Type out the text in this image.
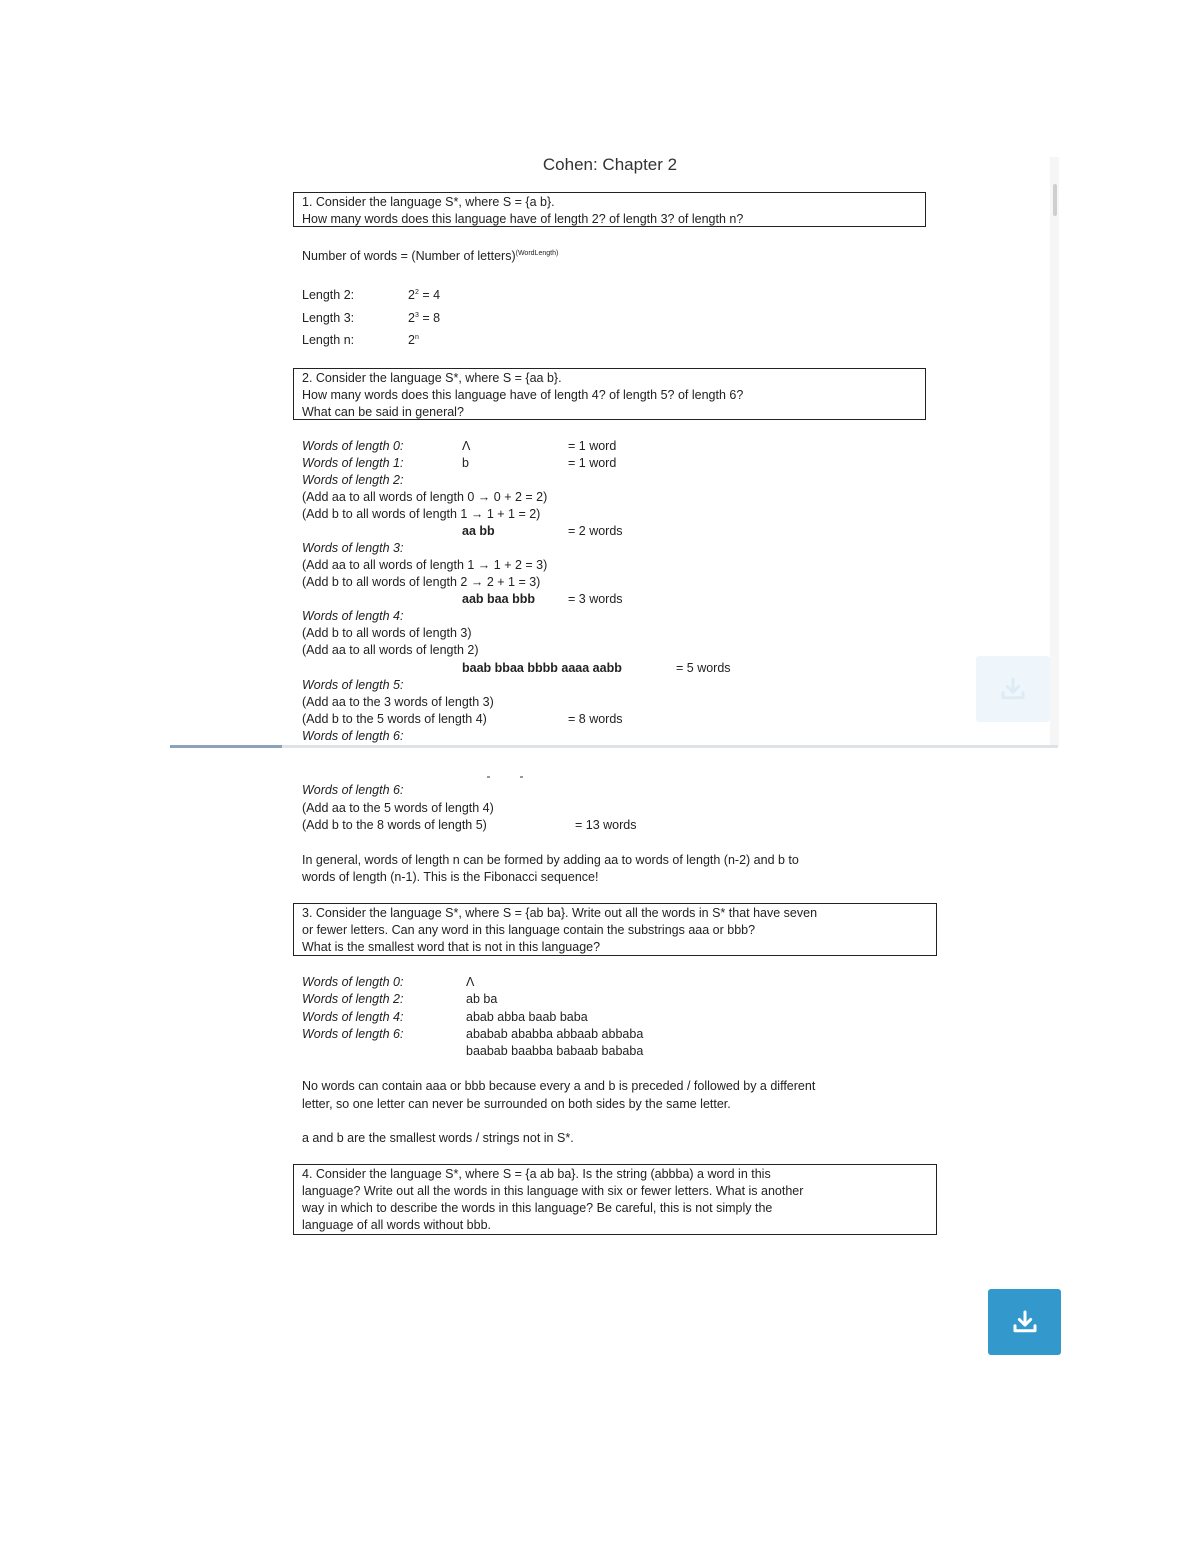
Cohen: Chapter 2
1. Consider the language S*, where S = {a b}.
How many words does this language have of length 2? of length 3? of length n?
Number of words = (Number of letters)$^{(WordLength)}$
Length 2:	$2^2 = 4$
Length 3:	$2^3 = 8$
Length n:	2$^n$
2. Consider the language S*, where S = {aa b}.
How many words does this language have of length 4? of length 5? of length 6?
What can be said in general?
Words of length 0:	Λ	= 1 word
Words of length 1:	b	= 1 word
Words of length 2:
(Add aa to all words of length 0 → 0 + 2 = 2)
(Add b to all words of length 1 → 1 + 1 = 2)
aa bb	= 2 words
Words of length 3:
(Add aa to all words of length 1 → 1 + 2 = 3)
(Add b to all words of length 2 → 2 + 1 = 3)
aab baa bbb	= 3 words
Words of length 4:
(Add b to all words of length 3)
(Add aa to all words of length 2)
baab bbaa bbbb aaaa aabb	= 5 words
Words of length 5:
(Add aa to the 3 words of length 3)
(Add b to the 5 words of length 4)	= 8 words
Words of length 6:
Words of length 6:
(Add aa to the 5 words of length 4)
(Add b to the 8 words of length 5)	= 13 words
In general, words of length n can be formed by adding aa to words of length (n-2) and b to
words of length (n-1). This is the Fibonacci sequence!
3. Consider the language S*, where S = {ab ba}. Write out all the words in S* that have seven
or fewer letters. Can any word in this language contain the substrings aaa or bbb?
What is the smallest word that is not in this language?
Words of length 0:	Λ
Words of length 2:	ab ba
Words of length 4:	abab abba baab baba
Words of length 6:	ababab ababba abbaab abbaba
baabab baabba babaab bababa
No words can contain aaa or bbb because every a and b is preceded / followed by a different
letter, so one letter can never be surrounded on both sides by the same letter.
a and b are the smallest words / strings not in S*.
4. Consider the language S*, where S = {a ab ba}. Is the string (abbba) a word in this
language? Write out all the words in this language with six or fewer letters. What is another
way in which to describe the words in this language? Be careful, this is not simply the
language of all words without bbb.
